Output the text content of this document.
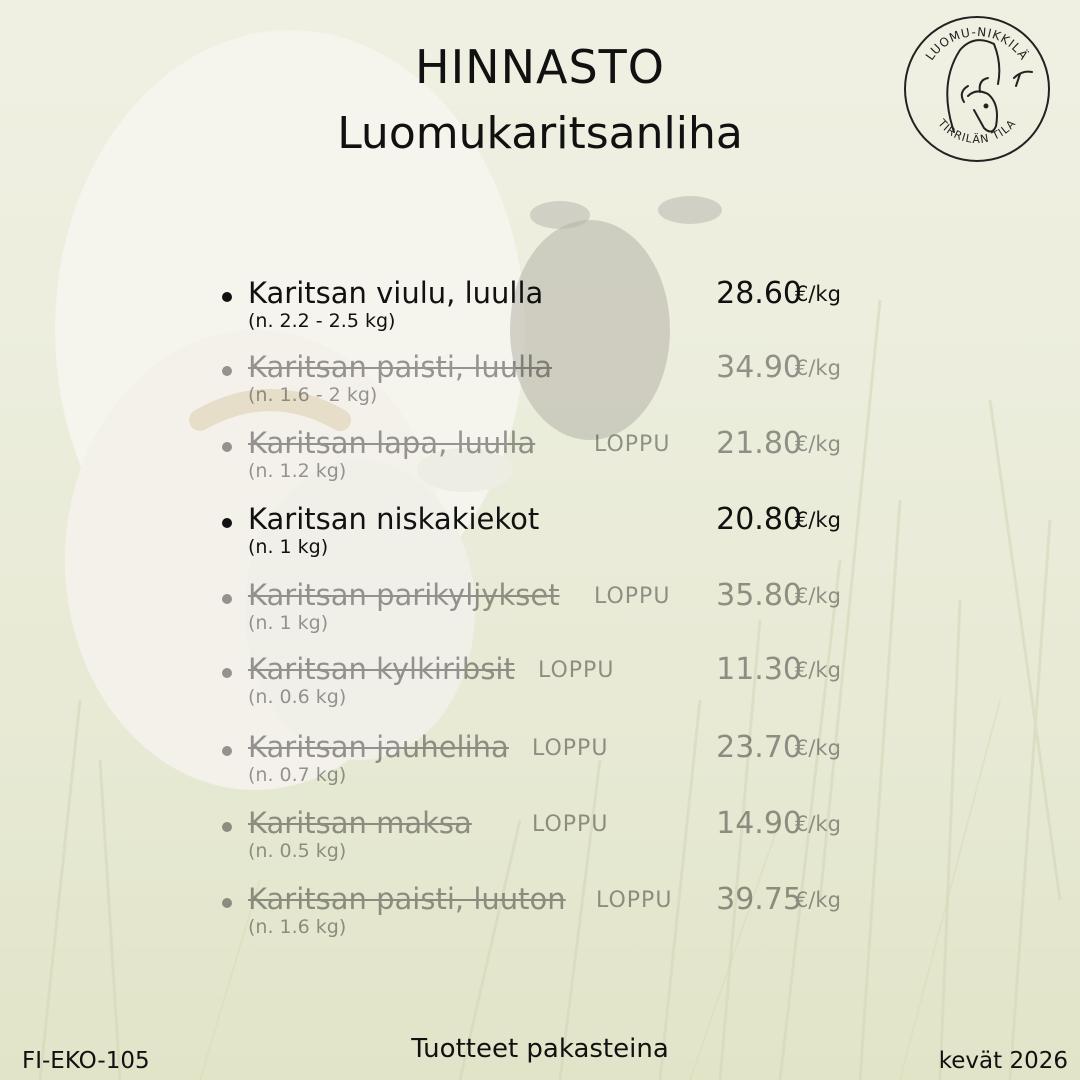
HINNASTO
Luomukaritsanliha
LUOMU-NIKKILÄ
TIRRILÄN TILA
Karitsan viulu, luulla
(n. 2.2 - 2.5 kg)
28.60
€/kg
Karitsan paisti, luulla
(n. 1.6 - 2 kg)
34.90
€/kg
Karitsan lapa, luulla
(n. 1.2 kg)
LOPPU 21.80
€/kg
Karitsan niskakiekot
(n. 1 kg)
20.80
€/kg
Karitsan parikyljykset
(n. 1 kg)
LOPPU 35.80
€/kg
Karitsan kylkiribsit
(n. 0.6 kg)
LOPPU	11.30
€/kg
Karitsan jauheliha
(n. 0.7 kg)
LOPPU	23.70
€/kg
Karitsan maksa
(n. 0.5 kg)
LOPPU	14.90
€/kg
Karitsan paisti, luuton
(n. 1.6 kg)
LOPPU 39.75
€/kg
Tuotteet pakasteina
FI-EKO-105	kevät 2026
